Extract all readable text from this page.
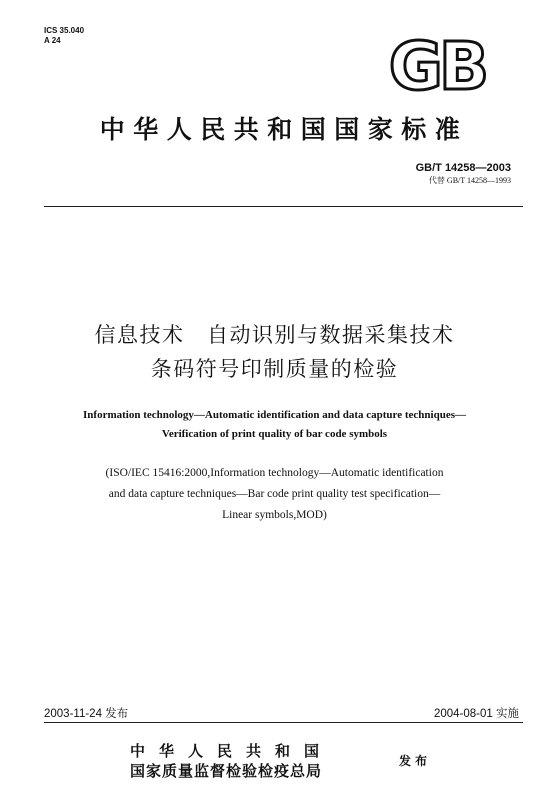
ICS 35.040
A 24	GB
中华人民共和国国家标准
GB/T 14258—2003
代替 GB/T 14258—1993
信息技术　自动识别与数据采集技术
条码符号印制质量的检验
Information technology—Automatic identification and data capture techniques—
Verification of print quality of bar code symbols
(ISO/IEC 15416:2000,Information technology—Automatic identification
and data capture techniques—Bar code print quality test specification—
Linear symbols,MOD)
2003-11-24 发布	2004-08-01 实施
中华人民共和国
国家质量监督检验检疫总局
发布
